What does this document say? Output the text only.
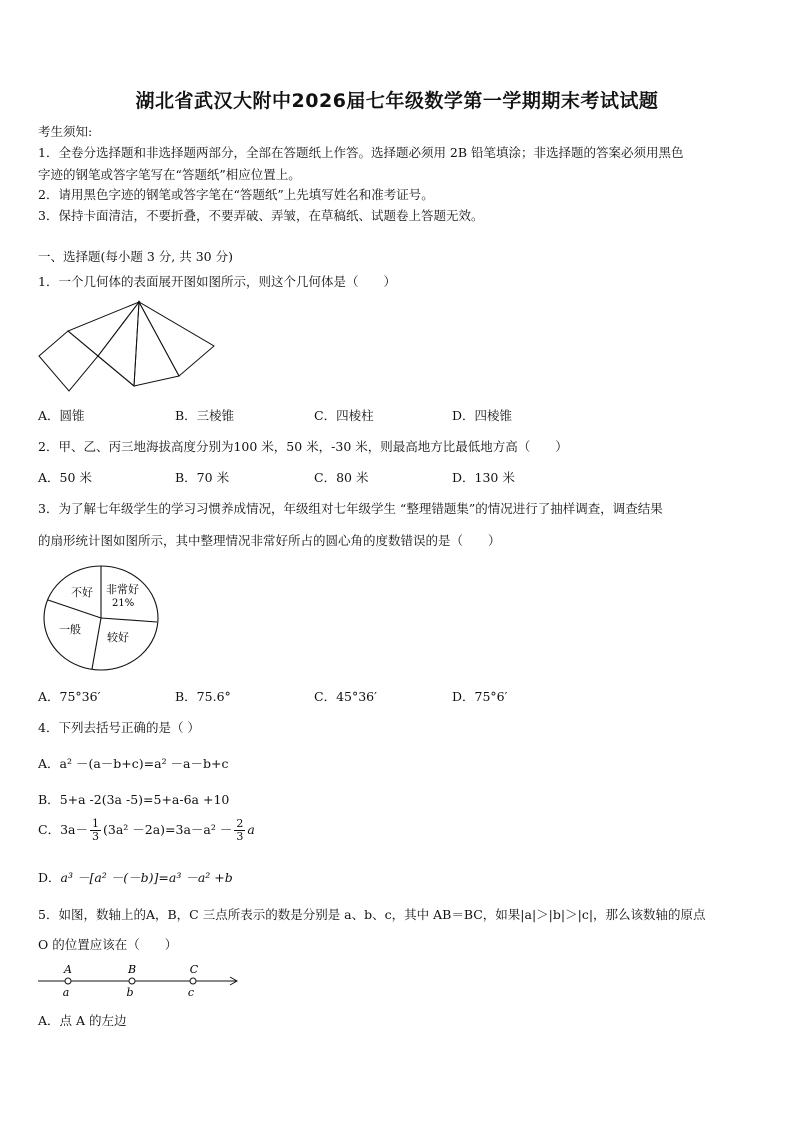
湖北省武汉大附中2026届七年级数学第一学期期末考试试题
考生须知:
1．全卷分选择题和非选择题两部分，全部在答题纸上作答。选择题必须用 2B 铅笔填涂；非选择题的答案必须用黑色
字迹的钢笔或答字笔写在“答题纸”相应位置上。
2．请用黑色字迹的钢笔或答字笔在“答题纸”上先填写姓名和准考证号。
3．保持卡面清洁，不要折叠，不要弄破、弄皱，在草稿纸、试题卷上答题无效。
一、选择题(每小题 3 分, 共 30 分)
1．一个几何体的表面展开图如图所示，则这个几何体是（　　）
A．圆锥	B．三棱锥	C．四棱柱	D．四棱锥
2．甲、乙、丙三地海拔高度分别为100 米，50 米，-30 米，则最高地方比最低地方高（　　）
A．50 米	B．70 米	C．80 米	D．130 米
3．为了解七年级学生的学习习惯养成情况，年级组对七年级学生 “整理错题集”的情况进行了抽样调查，调查结果
的扇形统计图如图所示，其中整理情况非常好所占的圆心角的度数错误的是（　　）
非常好
21%
不好
一般
较好
A．75°36′	B．75.6°	C．45°36′	D．75°6′
4．下列去括号正确的是（ ）
A．a² －(a－b+c)=a² －a－b+c
B．5+a -2(3a -5)=5+a-6a +10
C．$3a- \frac{1}{3} (3a^2 -2a)=3a-a^2 - \frac{2}{3}$ a
D．a³ －[a² －(－b)]=a³ －a² +b
5．如图，数轴上的A，B，C 三点所表示的数是分别是 a、b、c，其中 AB＝BC，如果|a|＞|b|＞|c|，那么该数轴的原点
O 的位置应该在（　　）
A	B	C
a	b	c
A．点 A 的左边
